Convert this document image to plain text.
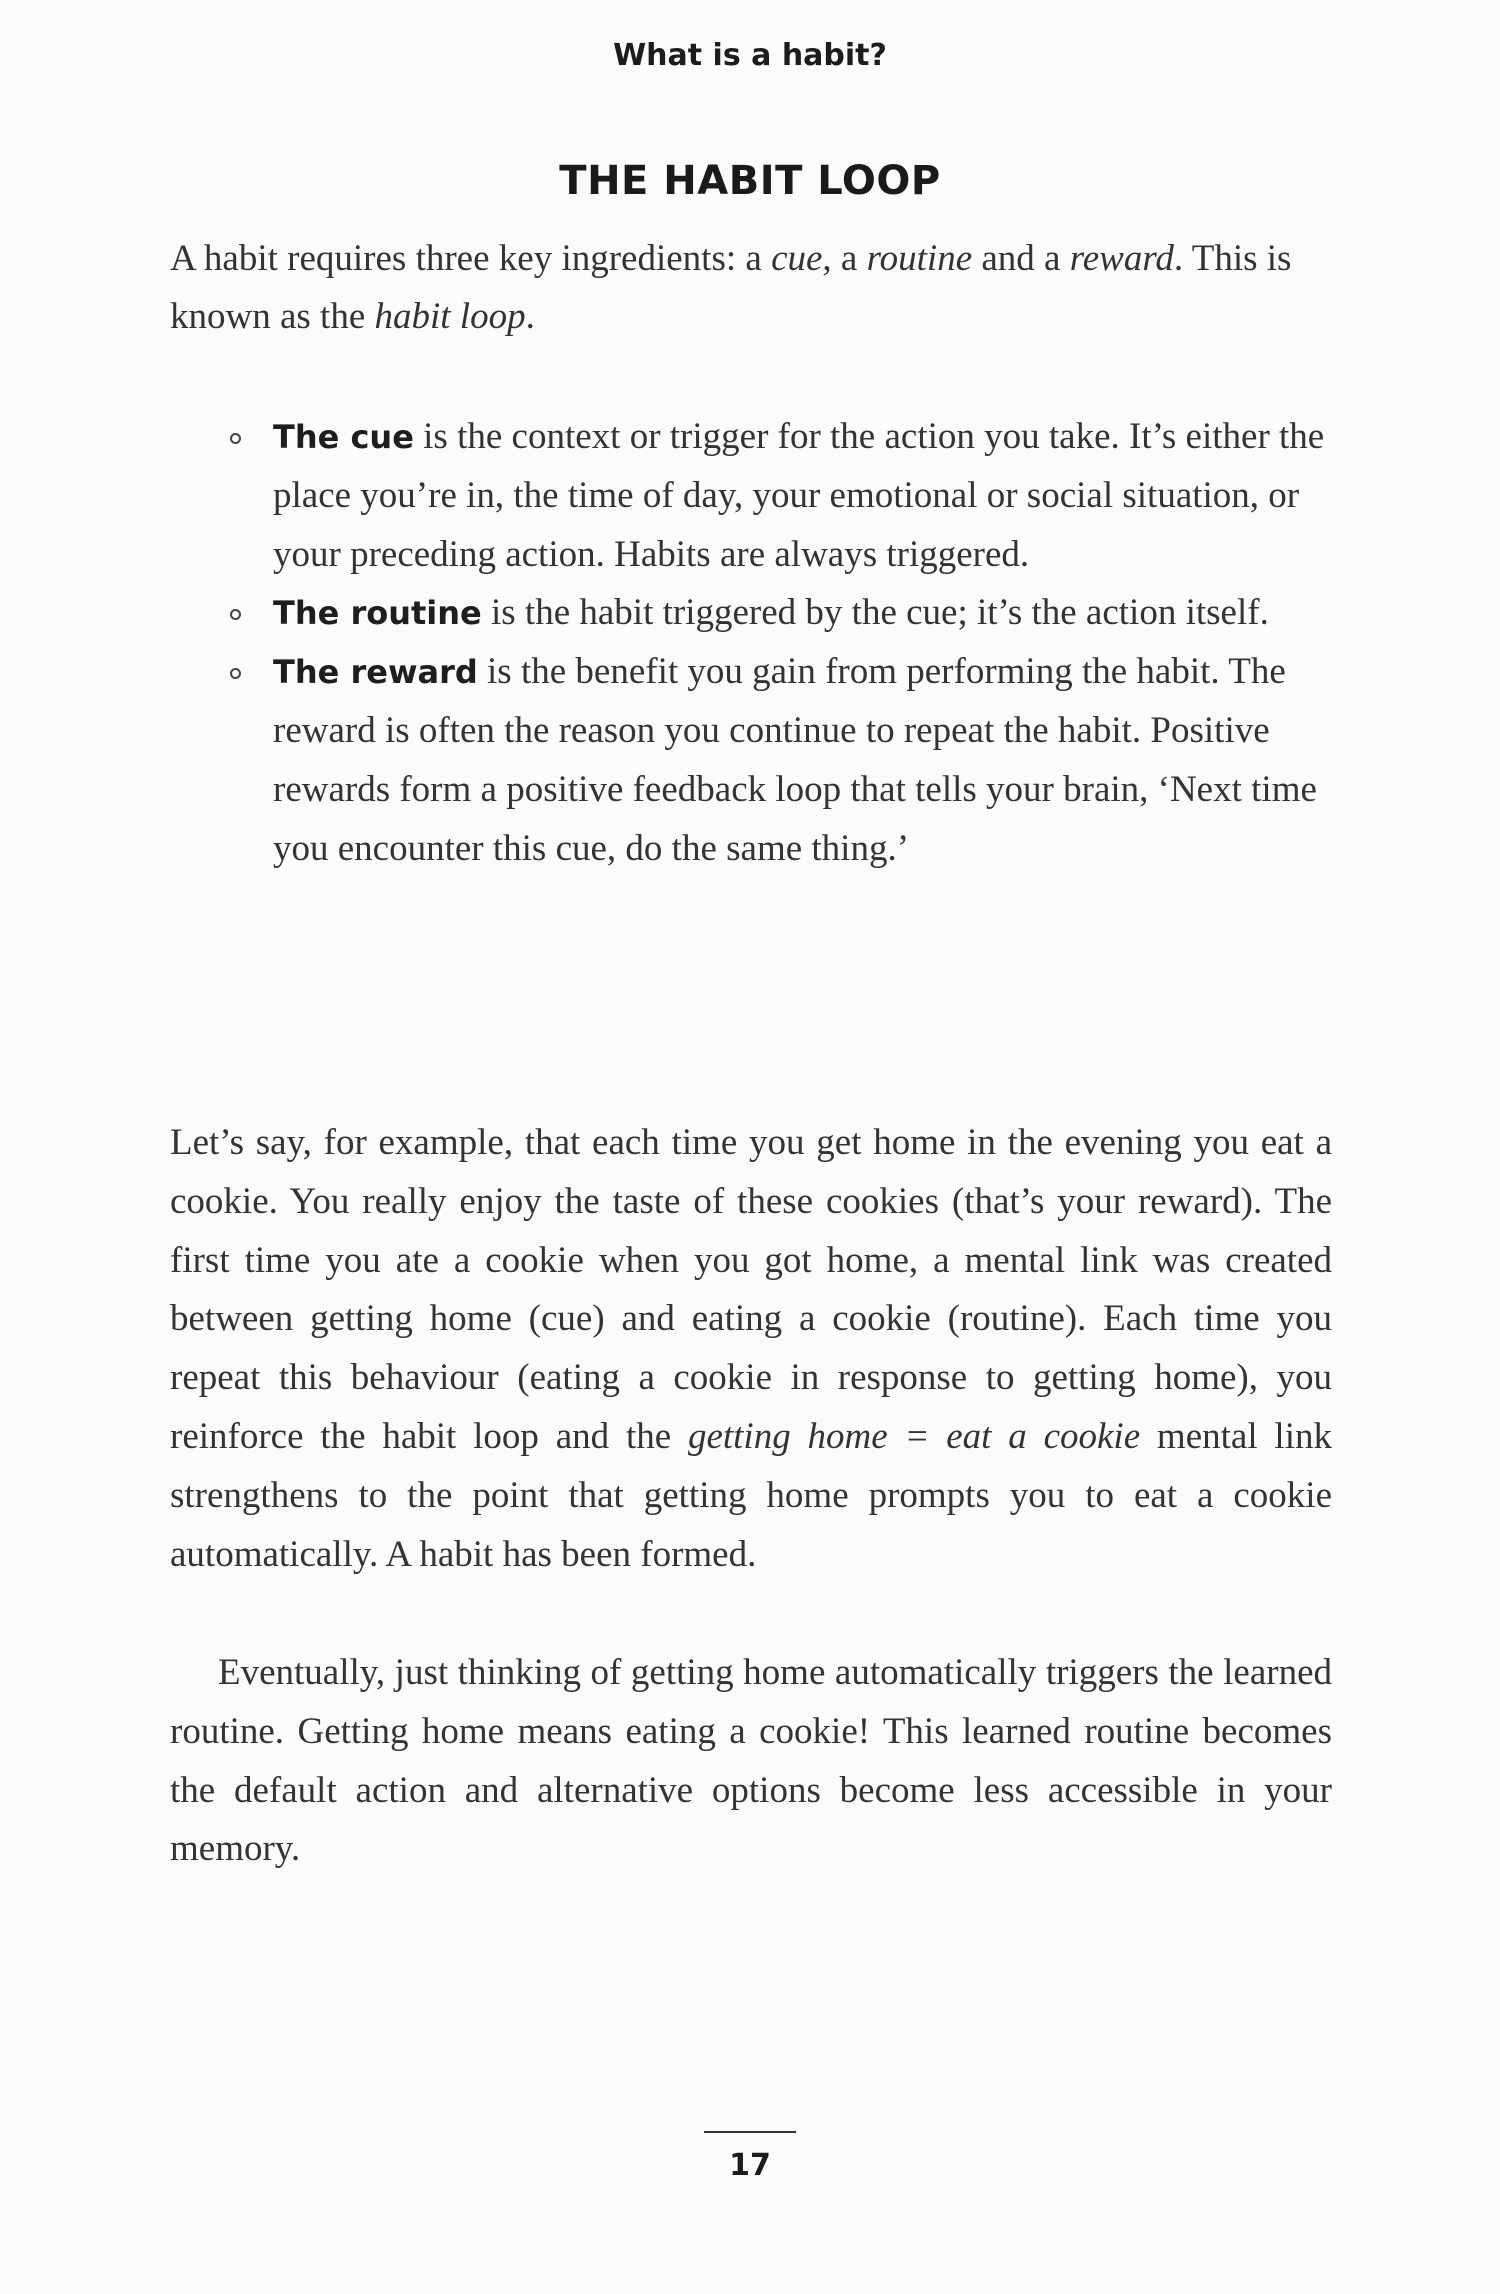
What is a habit?
THE HABIT LOOP

A habit requires three key ingredients: a cue, a routine and a reward. This is known as the habit loop.

The cue is the context or trigger for the action you take. It’s either the place you’re in, the time of day, your emotional or social situation, or your preceding action. Habits are always triggered.
The routine is the habit triggered by the cue; it’s the action itself.
The reward is the benefit you gain from performing the habit. The reward is often the reason you continue to repeat the habit. Positive rewards form a positive feedback loop that tells your brain, ‘Next time you encounter this cue, do the same thing.’

Let’s say, for example, that each time you get home in the evening you eat a cookie. You really enjoy the taste of these cookies (that’s your reward). The first time you ate a cookie when you got home, a mental link was created between getting home (cue) and eating a cookie (routine). Each time you repeat this behaviour (eating a cookie in response to getting home), you reinforce the habit loop and the getting home = eat a cookie mental link strengthens to the point that getting home prompts you to eat a cookie automatically. A habit has been formed.

Eventually, just thinking of getting home automatically triggers the learned routine. Getting home means eating a cookie! This learned routine becomes the default action and alternative options become less accessible in your memory.

17
